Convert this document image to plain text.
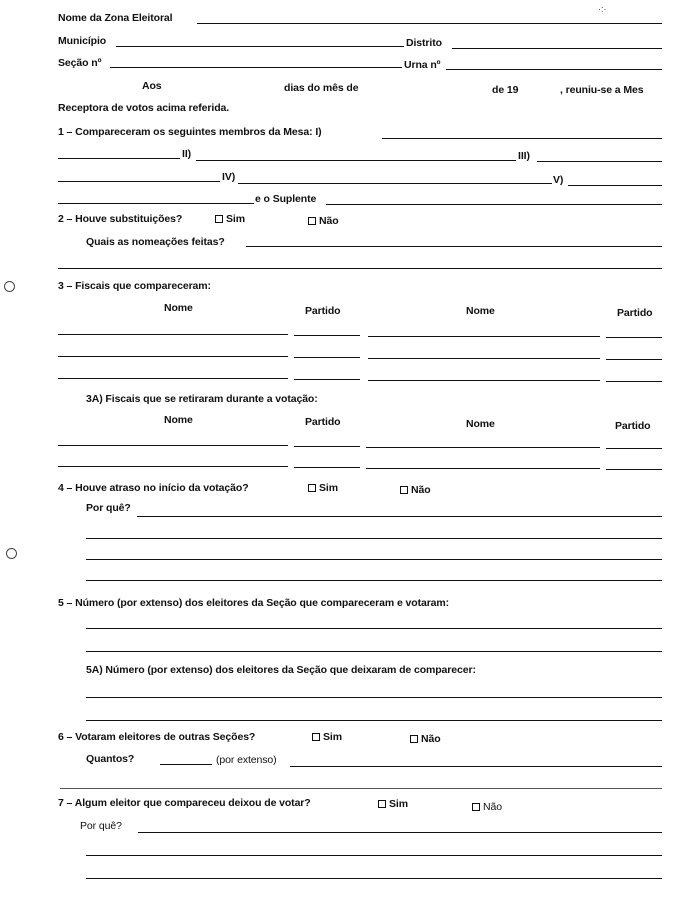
Nome da Zona Eleitoral
·:·
Município	Distrito
Seção nº	Urna nº
Aos	dias do mês de	de 19	, reuniu-se a Mes
Receptora de votos acima referida.
1 – Compareceram os seguintes membros da Mesa: I)
II)	III)
IV)	V)
e o Suplente
2 – Houve substituições?	Sim	Não
Quais as nomeações feitas?
3 – Fiscais que compareceram:
Nome	Partido	Nome	Partido
3A) Fiscais que se retiraram durante a votação:
Nome	Partido	Nome	Partido
4 – Houve atraso no início da votação?	Sim	Não
Por quê?
5 – Número (por extenso) dos eleitores da Seção que compareceram e votaram:
5A) Número (por extenso) dos eleitores da Seção que deixaram de comparecer:
6 – Votaram eleitores de outras Seções?	Sim	Não
Quantos?	(por extenso)
7 – Algum eleitor que compareceu deixou de votar?	Sim	Não
Por quê?
